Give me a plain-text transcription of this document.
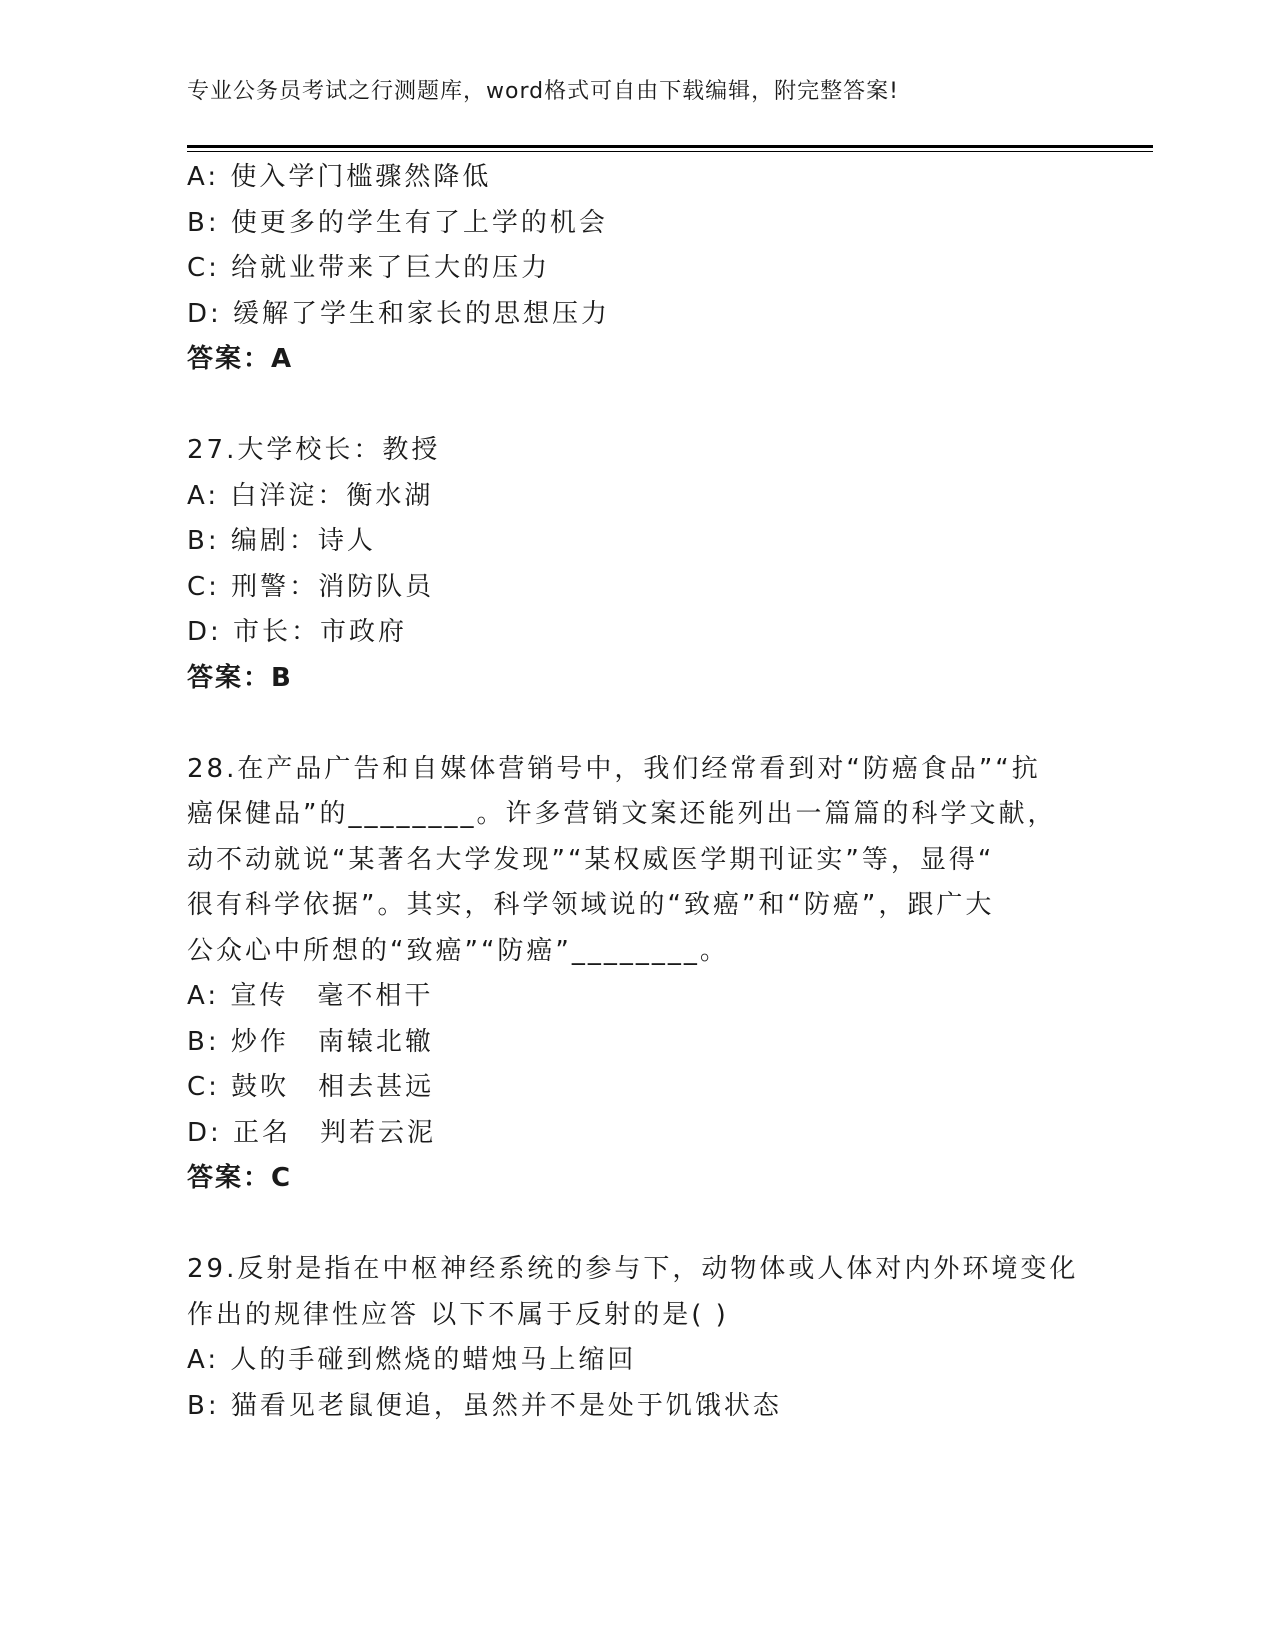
专业公务员考试之行测题库，word格式可自由下载编辑，附完整答案!
A: 使入学门槛骤然降低
B: 使更多的学生有了上学的机会
C: 给就业带来了巨大的压力
D: 缓解了学生和家长的思想压力
答案：A
27.大学校长：教授
A: 白洋淀：衡水湖
B: 编剧：诗人
C: 刑警：消防队员
D: 市长：市政府
答案：B
28.在产品广告和自媒体营销号中，我们经常看到对“防癌食品”“抗
癌保健品”的________。许多营销文案还能列出一篇篇的科学文献，
动不动就说“某著名大学发现”“某权威医学期刊证实”等，显得“
很有科学依据”。其实，科学领域说的“致癌”和“防癌”，跟广大
公众心中所想的“致癌”“防癌”________。
A: 宣传　毫不相干
B: 炒作　南辕北辙
C: 鼓吹　相去甚远
D: 正名　判若云泥
答案：C
29.反射是指在中枢神经系统的参与下，动物体或人体对内外环境变化
作出的规律性应答 以下不属于反射的是( )
A: 人的手碰到燃烧的蜡烛马上缩回
B: 猫看见老鼠便追，虽然并不是处于饥饿状态
